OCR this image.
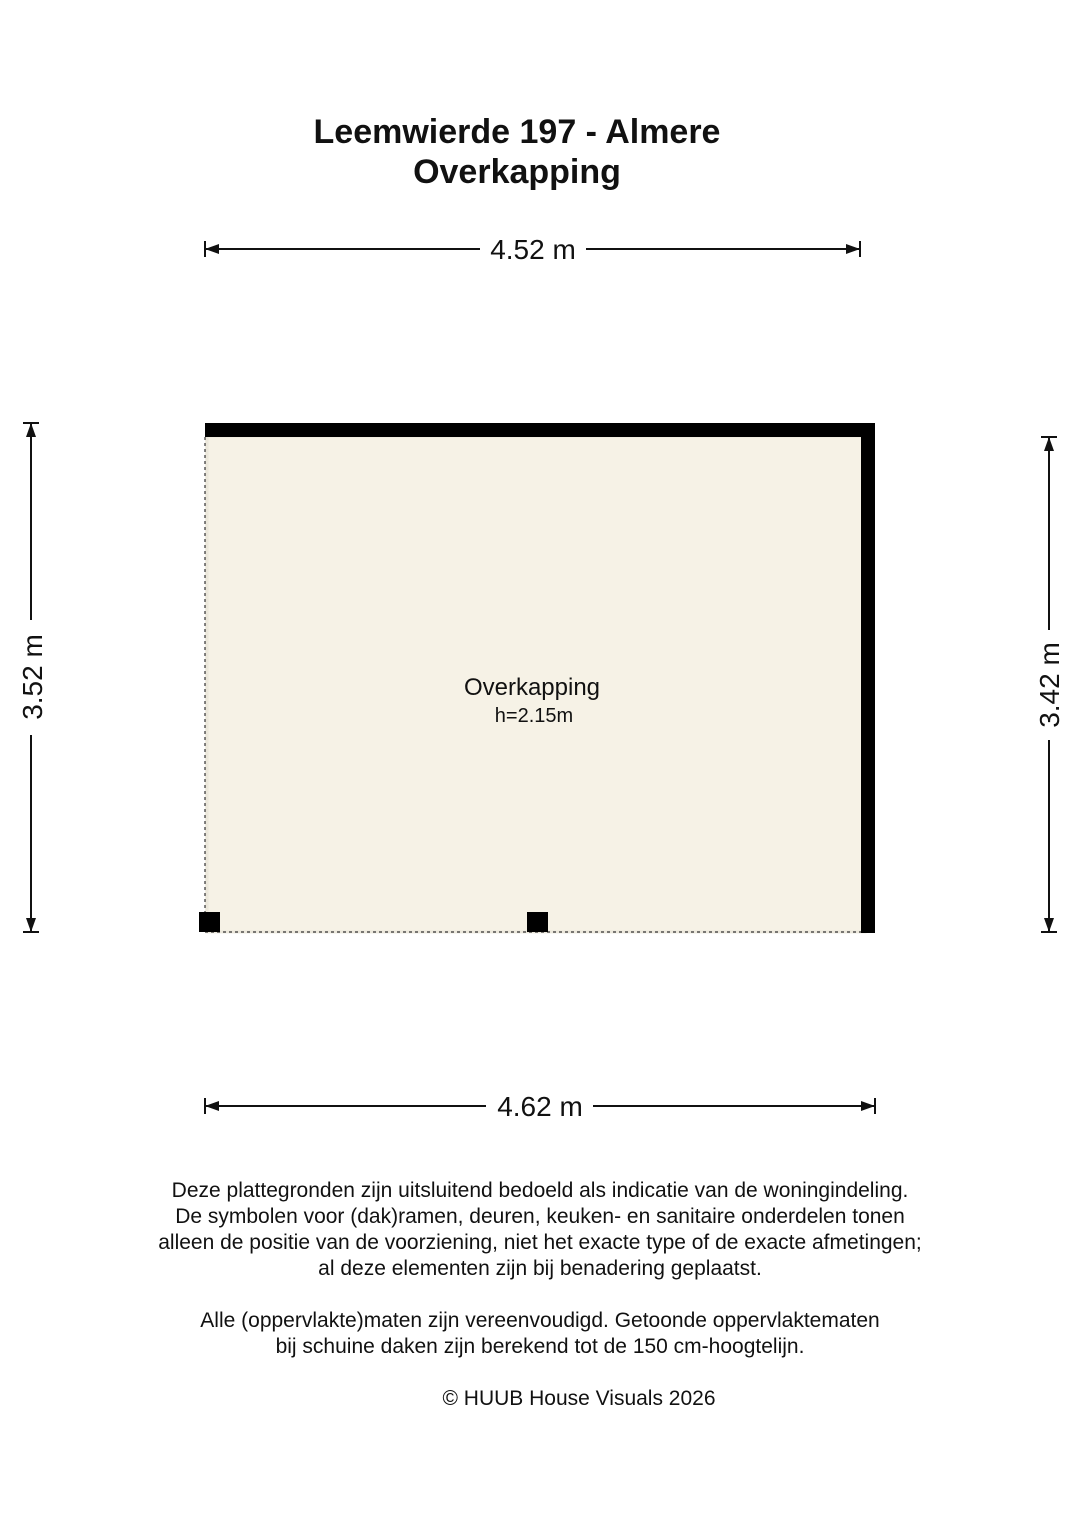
Leemwierde 197 - Almere
Overkapping
4.52 m
3.52 m	3.42 m
Overkapping
h=2.15m
4.62 m

Deze plattegronden zijn uitsluitend bedoeld als indicatie van de woningindeling.

De symbolen voor (dak)ramen, deuren, keuken- en sanitaire onderdelen tonen

alleen de positie van de voorziening, niet het exacte type of de exacte afmetingen;

al deze elementen zijn bij benadering geplaatst.

Alle (oppervlakte)maten zijn vereenvoudigd. Getoonde oppervlaktematen

bij schuine daken zijn berekend tot de 150 cm-hoogtelijn.

© HUUB House Visuals 2026
